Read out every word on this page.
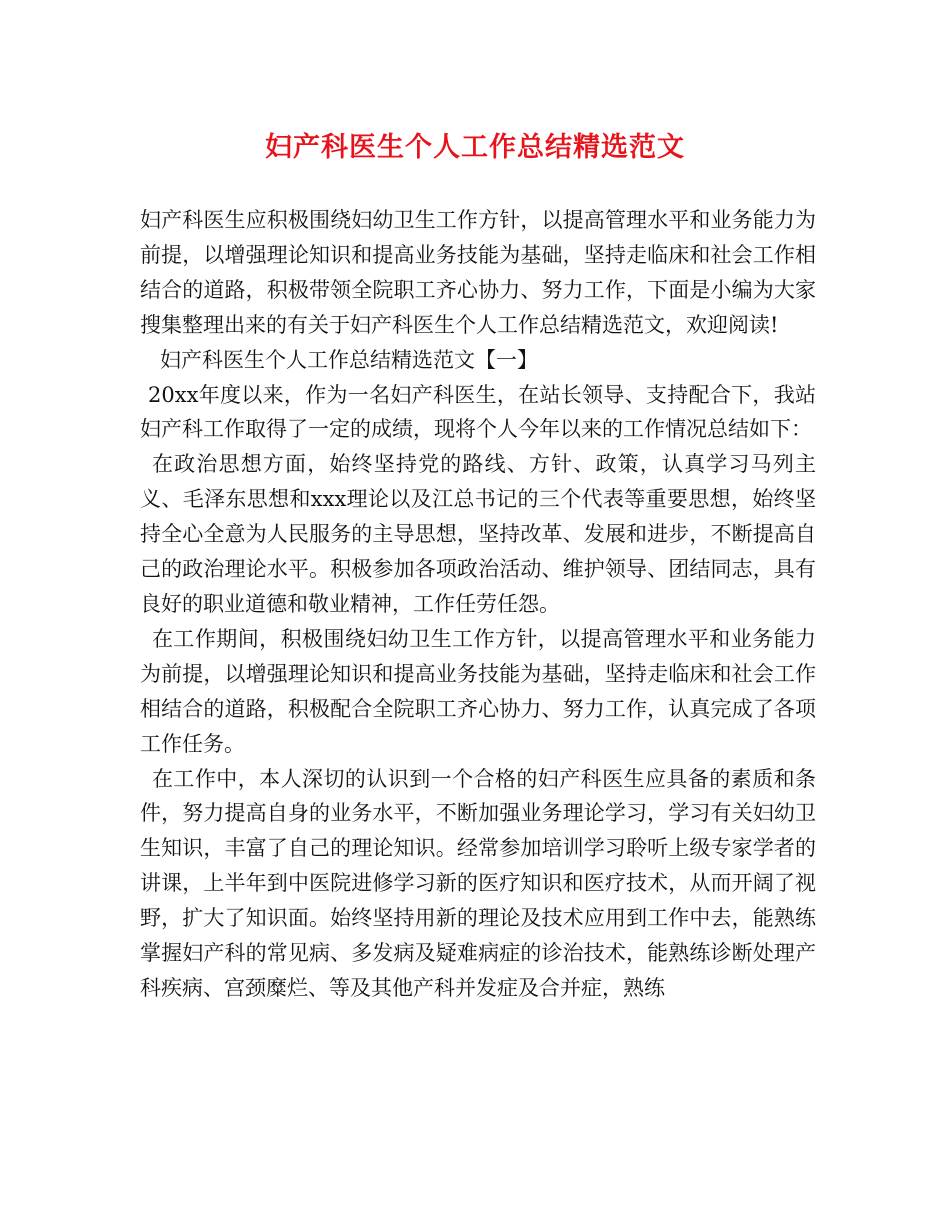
妇产科医生个人工作总结精选范文

妇产科医生应积极围绕妇幼卫生工作方针，以提高管理水平和业务能力为前提，以增强理论知识和提高业务技能为基础，坚持走临床和社会工作相结合的道路，积极带领全院职工齐心协力、努力工作，下面是小编为大家搜集整理出来的有关于妇产科医生个人工作总结精选范文，欢迎阅读!

妇产科医生个人工作总结精选范文【一】

20xx年度以来，作为一名妇产科医生，在站长领导、支持配合下，我站妇产科工作取得了一定的成绩，现将个人今年以来的工作情况总结如下：

在政治思想方面，始终坚持党的路线、方针、政策，认真学习马列主义、毛泽东思想和xxx理论以及江总书记的三个代表等重要思想，始终坚持全心全意为人民服务的主导思想，坚持改革、发展和进步，不断提高自己的政治理论水平。积极参加各项政治活动、维护领导、团结同志，具有良好的职业道德和敬业精神，工作任劳任怨。

在工作期间，积极围绕妇幼卫生工作方针，以提高管理水平和业务能力为前提，以增强理论知识和提高业务技能为基础，坚持走临床和社会工作相结合的道路，积极配合全院职工齐心协力、努力工作，认真完成了各项工作任务。

在工作中，本人深切的认识到一个合格的妇产科医生应具备的素质和条件，努力提高自身的业务水平，不断加强业务理论学习，学习有关妇幼卫生知识，丰富了自己的理论知识。经常参加培训学习聆听上级专家学者的讲课，上半年到中医院进修学习新的医疗知识和医疗技术，从而开阔了视野，扩大了知识面。始终坚持用新的理论及技术应用到工作中去，能熟练掌握妇产科的常见病、多发病及疑难病症的诊治技术，能熟练诊断处理产科疾病、宫颈糜烂、等及其他产科并发症及合并症，熟练
